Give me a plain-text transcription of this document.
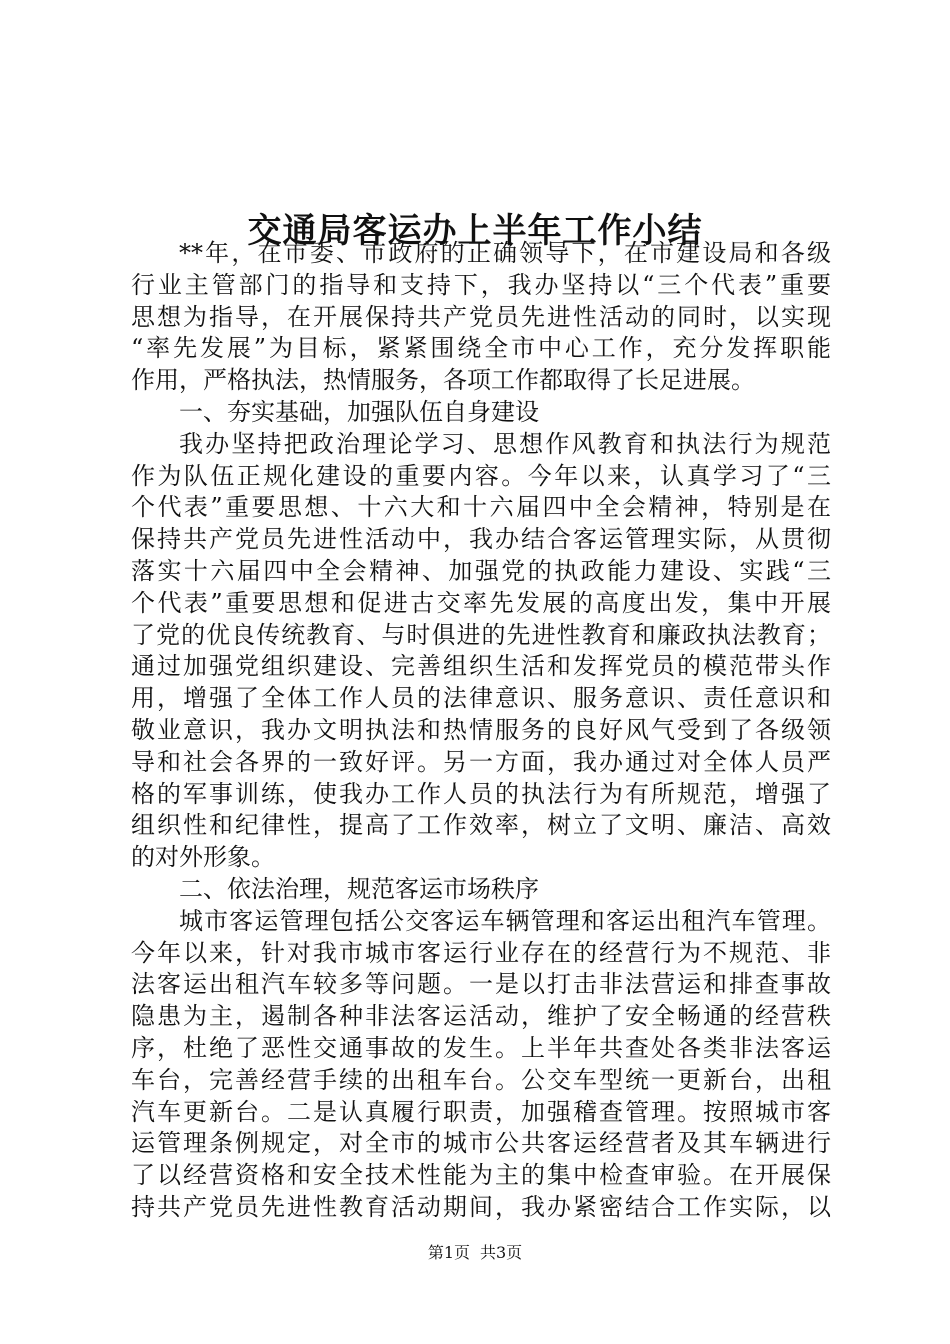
交通局客运办上半年工作小结
**年，在市委、市政府的正确领导下，在市建设局和各级
行业主管部门的指导和支持下，我办坚持以“三个代表”重要
思想为指导，在开展保持共产党员先进性活动的同时，以实现
“率先发展”为目标，紧紧围绕全市中心工作，充分发挥职能
作用，严格执法，热情服务，各项工作都取得了长足进展。
一、夯实基础，加强队伍自身建设
我办坚持把政治理论学习、思想作风教育和执法行为规范
作为队伍正规化建设的重要内容。今年以来，认真学习了“三
个代表”重要思想、十六大和十六届四中全会精神，特别是在
保持共产党员先进性活动中，我办结合客运管理实际，从贯彻
落实十六届四中全会精神、加强党的执政能力建设、实践“三
个代表”重要思想和促进古交率先发展的高度出发，集中开展
了党的优良传统教育、与时俱进的先进性教育和廉政执法教育；
通过加强党组织建设、完善组织生活和发挥党员的模范带头作
用，增强了全体工作人员的法律意识、服务意识、责任意识和
敬业意识，我办文明执法和热情服务的良好风气受到了各级领
导和社会各界的一致好评。另一方面，我办通过对全体人员严
格的军事训练，使我办工作人员的执法行为有所规范，增强了
组织性和纪律性，提高了工作效率，树立了文明、廉洁、高效
的对外形象。
二、依法治理，规范客运市场秩序
城市客运管理包括公交客运车辆管理和客运出租汽车管理。
今年以来，针对我市城市客运行业存在的经营行为不规范、非
法客运出租汽车较多等问题。一是以打击非法营运和排查事故
隐患为主，遏制各种非法客运活动，维护了安全畅通的经营秩
序，杜绝了恶性交通事故的发生。上半年共查处各类非法客运
车台，完善经营手续的出租车台。公交车型统一更新台，出租
汽车更新台。二是认真履行职责，加强稽查管理。按照城市客
运管理条例规定，对全市的城市公共客运经营者及其车辆进行
了以经营资格和安全技术性能为主的集中检查审验。在开展保
持共产党员先进性教育活动期间，我办紧密结合工作实际，以
第1页 共3页
